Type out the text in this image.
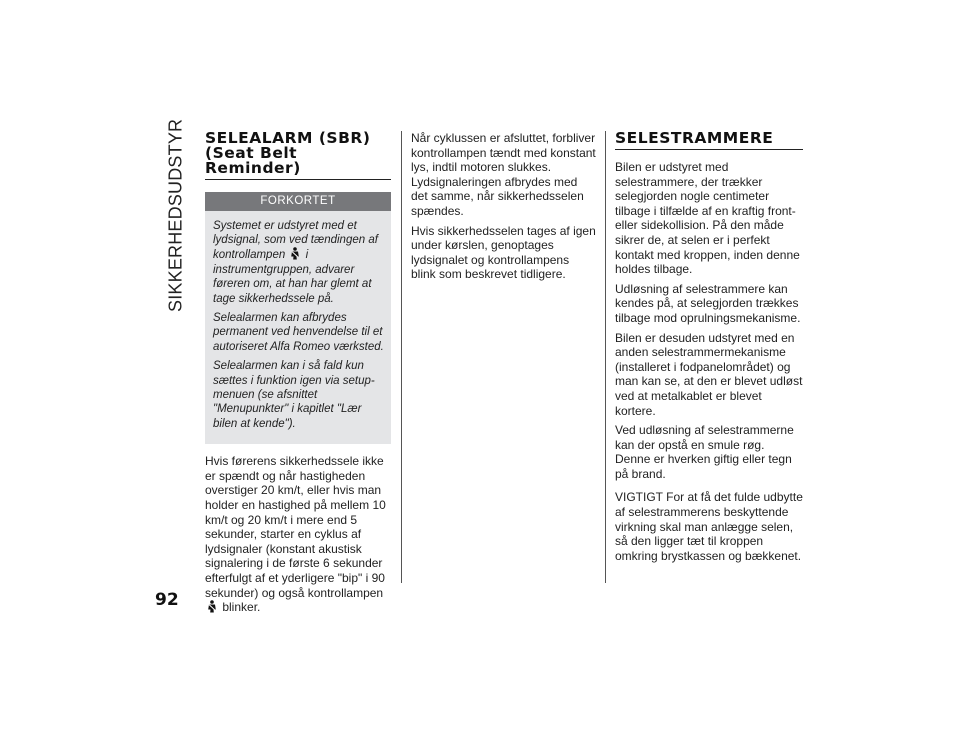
SIKKERHEDSUDSTYR
92
SELEALARM (SBR)
(Seat Belt
Reminder)
FORKORTET

Systemet er udstyret med et lydsignal, som ved tændingen af kontrollampen i instrumentgruppen, advarer føreren om, at han har glemt at tage sikkerhedssele på.

Selealarmen kan afbrydes permanent ved henvendelse til et autoriseret Alfa Romeo værksted.

Selealarmen kan i så fald kun sættes i funktion igen via setup-menuen (se afsnittet "Menupunkter" i kapitlet "Lær bilen at kende").

Hvis førerens sikkerhedssele ikke er spændt og når hastigheden overstiger 20 km/t, eller hvis man holder en hastighed på mellem 10 km/t og 20 km/t i mere end 5 sekunder, starter en cyklus af lydsignaler (konstant akustisk signalering i de første 6 sekunder efterfulgt af et yderligere "bip" i 90 sekunder) og også kontrollampen  blinker.

Når cyklussen er afsluttet, forbliver kontrollampen tændt med konstant lys, indtil motoren slukkes. Lydsignaleringen afbrydes med det samme, når sikkerhedsselen spændes.

Hvis sikkerhedsselen tages af igen under kørslen, genoptages lydsignalet og kontrollampens blink som beskrevet tidligere.

SELESTRAMMERE

Bilen er udstyret med selestrammere, der trækker selegjorden nogle centimeter tilbage i tilfælde af en kraftig front- eller sidekollision. På den måde sikrer de, at selen er i perfekt kontakt med kroppen, inden denne holdes tilbage.

Udløsning af selestrammere kan kendes på, at selegjorden trækkes tilbage mod oprulningsmekanisme.

Bilen er desuden udstyret med en anden selestrammermekanisme (installeret i fodpanelområdet) og man kan se, at den er blevet udløst ved at metalkablet er blevet kortere.

Ved udløsning af selestrammerne kan der opstå en smule røg. Denne er hverken giftig eller tegn på brand.

VIGTIGT For at få det fulde udbytte af selestrammerens beskyttende virkning skal man anlægge selen, så den ligger tæt til kroppen omkring brystkassen og bækkenet.
